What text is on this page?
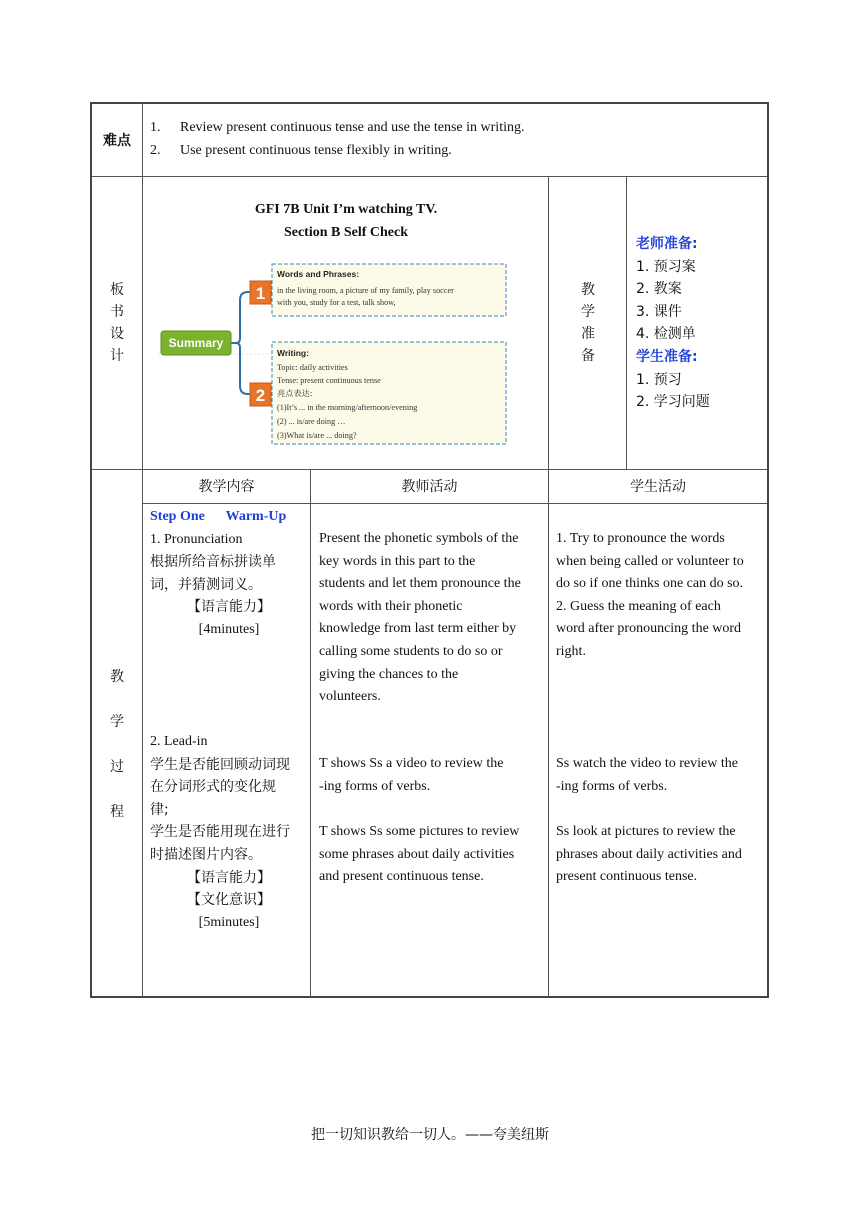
难点
1. Review present continuous tense and use the tense in writing.
2. Use present continuous tense flexibly in writing.
板
书
设
计
GFI 7B Unit I’m watching TV.
Section B Self Check
Summary
1
2
Words and Phrases:
in the living room, a picture of my family, play soccer
with you, study for a test, talk show,
Writing:
Topic: daily activities
Tense: present continuous tense
亮点表达:
(1)It’s ... in the morning/afternoon/evening
(2) ... is/are doing …
(3)What is/are ... doing?
教
学
准
备
老师准备:
1. 预习案
2. 教案
3. 课件
4. 检测单
学生准备:
1. 预习
2. 学习问题
教
学
过
程
教学内容	教师活动	学生活动

Step One Warm-Up

1. Pronunciation

根据所给音标拼读单

词，并猜测词义。

【语言能力】

[4minutes]

2. Lead-in

学生是否能回顾动词现

在分词形式的变化规

律;

学生是否能用现在进行

时描述图片内容。

【语言能力】

【文化意识】

[5minutes]

Present the phonetic symbols of the

key words in this part to the

students and let them pronounce the

words with their phonetic

knowledge from last term either by

calling some students to do so or

giving the chances to the

volunteers.

T shows Ss a video to review the

-ing forms of verbs.

T shows Ss some pictures to review

some phrases about daily activities

and present continuous tense.

1. Try to pronounce the words

when being called or volunteer to

do so if one thinks one can do so.

2. Guess the meaning of each

word after pronouncing the word

right.

Ss watch the video to review the

-ing forms of verbs.

Ss look at pictures to review the

phrases about daily activities and

present continuous tense.

把一切知识教给一切人。——夸美纽斯
